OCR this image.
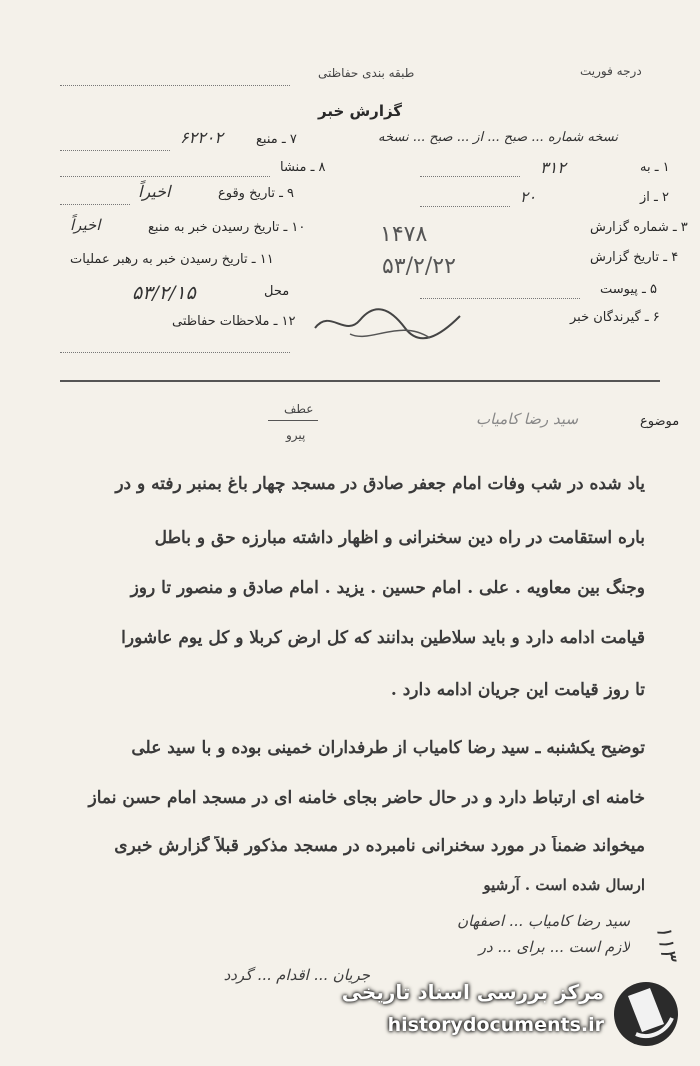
درجه فوریت
طبقه بندی حفاظتی
گزارش خبر
نسخه شماره ... صبح ... از ... صبح ... نسخه
۷ ـ منبع
۶۲۲۰۲
۸ ـ منشا
۹ ـ تاریخ وقوع
اخیراً
۱۰ ـ تاریخ رسیدن خبر به منبع
اخیراً
۱۱ ـ تاریخ رسیدن خبر به رهبر عملیات
محل
۵۳/۲/۱۵
۱۲ ـ ملاحظات حفاظتی
۱ ـ به
۳۱۲
۲ ـ از
۲۰
۳ ـ شماره گزارش
۱۴۷۸
۴ ـ تاریخ گزارش
۵۳/۲/۲۲
۵ ـ پیوست
۶ ـ گیرندگان خبر
عطف
پیرو
موضوع
سید رضا کامیاب
یاد شده در شب وفات امام جعفر صادق در مسجد چهار باغ بمنبر رفته و در
باره استقامت در راه دین سخنرانی و اظهار داشته مبارزه حق و باطل
وجنگ بین معاویه . علی . امام حسین . یزید . امام صادق و منصور تا روز
قیامت ادامه دارد و باید سلاطین بدانند که کل ارض کربلا و کل یوم عاشورا
تا روز قیامت این جریان ادامه دارد .
توضیح یکشنبه ـ سید رضا کامیاب از طرفداران خمینی بوده و با سید علی
خامنه ای ارتباط دارد و در حال حاضر بجای خامنه ای در مسجد امام حسن نماز
میخواند ضمناً در مورد سخنرانی نامبرده در مسجد مذکور قبلاً گزارش خبری
ارسال شده است . آرشیو
سید رضا کامیاب ... اصفهان
لازم است ... برای ... در
جریان ... اقدام ... گردد
۱۱۳
مرکز بررسی اسناد تاریخی
historydocuments.ir
